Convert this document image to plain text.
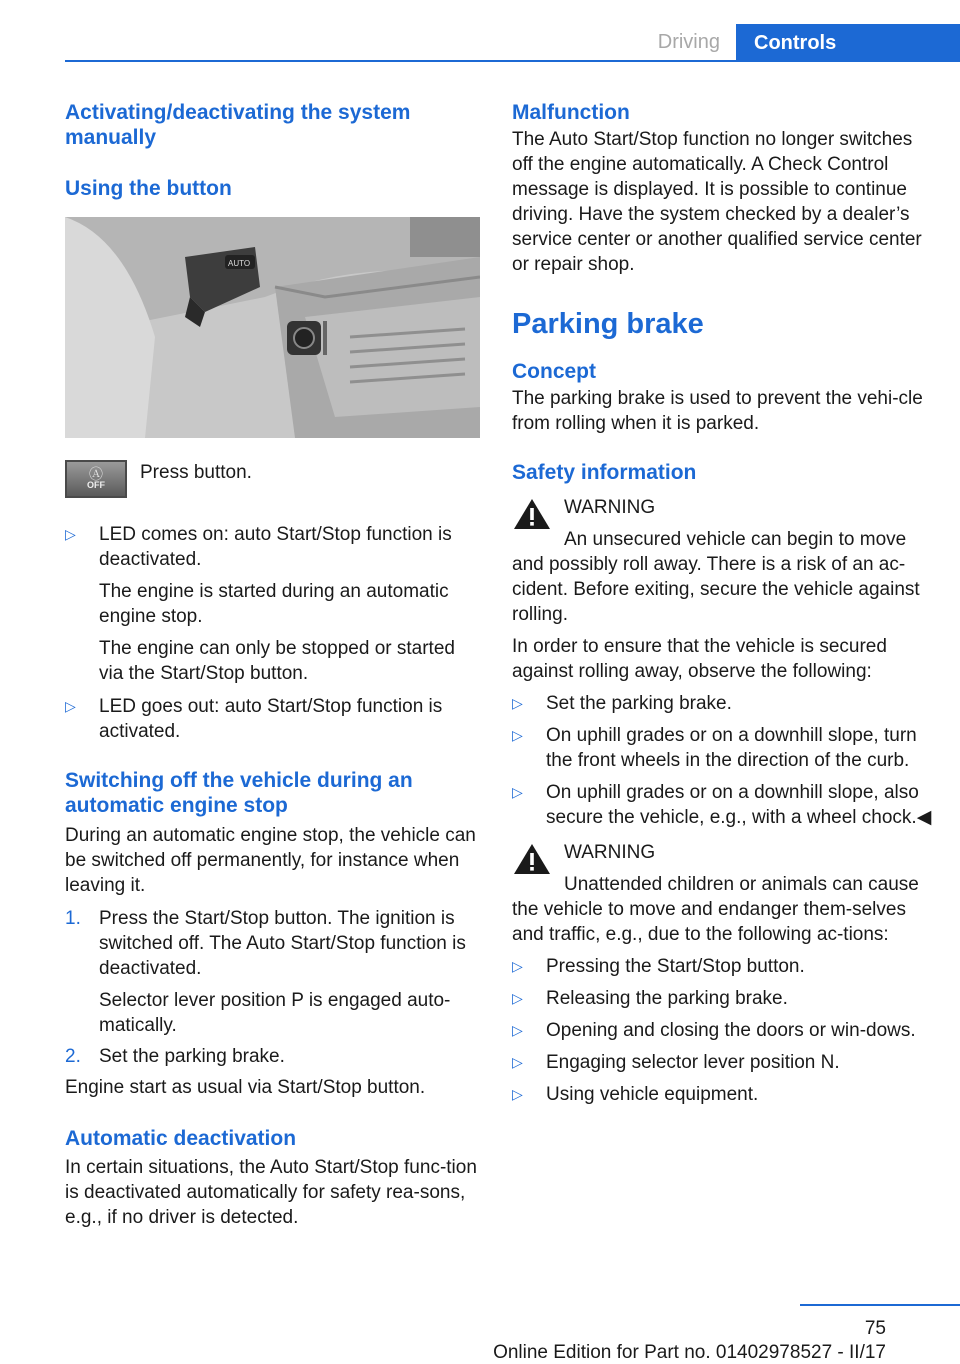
Driving	Controls
Activating/deactivating the system manually
Using the button
AUTO
Ⓐ
OFF
Press button.
▷	LED comes on: auto Start/Stop function is deactivated.

The engine is started during an automatic engine stop.

The engine can only be stopped or started via the Start/Stop button.

▷	LED goes out: auto Start/Stop function is activated.
Switching off the vehicle during an automatic engine stop

During an automatic engine stop, the vehicle can be switched off permanently, for instance when leaving it.

1. Press the Start/Stop button. The ignition is switched off. The Auto Start/Stop function is deactivated.

Selector lever position P is engaged auto‐matically.

2. Set the parking brake.

Engine start as usual via Start/Stop button.

Automatic deactivation

In certain situations, the Auto Start/Stop func‐tion is deactivated automatically for safety rea‐sons, e.g., if no driver is detected.

Malfunction

The Auto Start/Stop function no longer switches off the engine automatically. A Check Control message is displayed. It is possible to continue driving. Have the system checked by a dealer’s service center or another qualified service center or repair shop.

Parking brake
Concept

The parking brake is used to prevent the vehi‐cle from rolling when it is parked.

Safety information

WARNING

An unsecured vehicle can begin to move and possibly roll away. There is a risk of an ac‐cident. Before exiting, secure the vehicle against rolling.

In order to ensure that the vehicle is secured against rolling away, observe the following:

▷	Set the parking brake.
▷	On uphill grades or on a downhill slope, turn the front wheels in the direction of the curb.
▷	On uphill grades or on a downhill slope, also secure the vehicle, e.g., with a wheel chock.◀

WARNING

Unattended children or animals can cause the vehicle to move and endanger them‐selves and traffic, e.g., due to the following ac‐tions:

▷	Pressing the Start/Stop button.
▷	Releasing the parking brake.
▷	Opening and closing the doors or win‐dows.
▷	Engaging selector lever position N.
▷	Using vehicle equipment.
75
Online Edition for Part no. 01402978527 - II/17
